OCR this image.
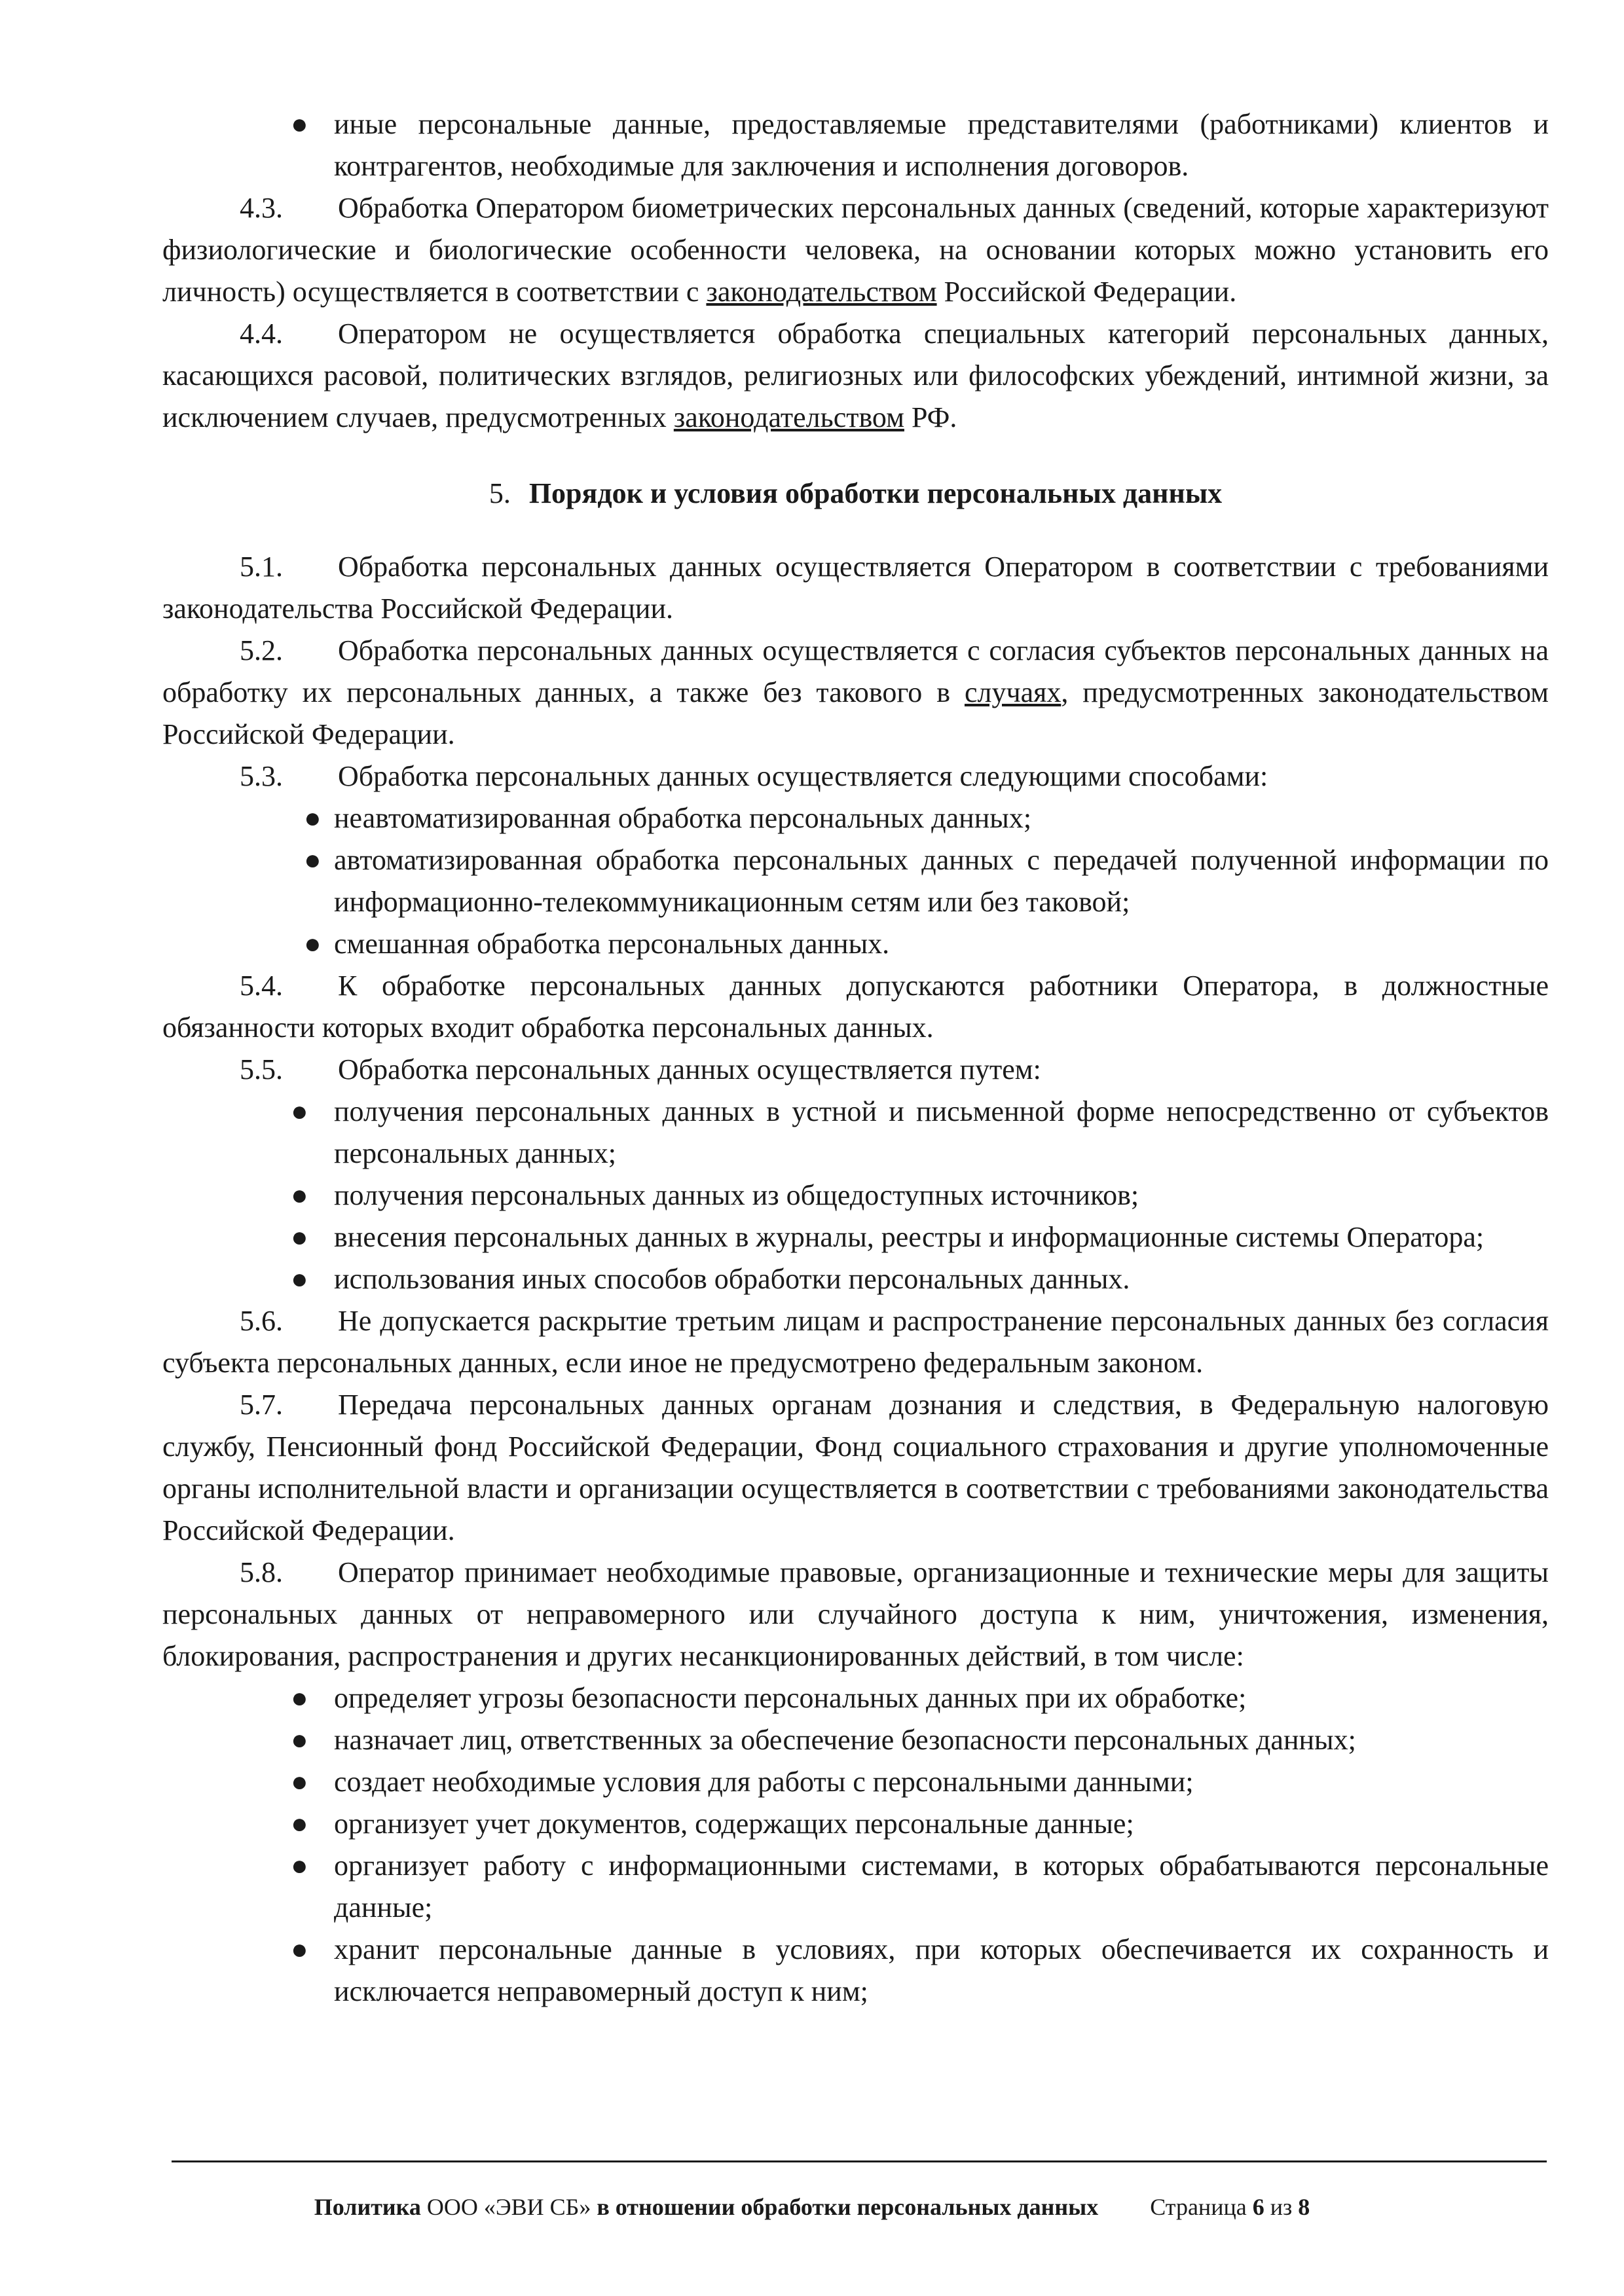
● иные персональные данные, предоставляемые представителями (работниками) клиентов и контрагентов, необходимые для заключения и исполнения договоров.

4.3. Обработка Оператором биометрических персональных данных (сведений, которые характеризуют физиологические и биологические особенности человека, на основании которых можно установить его личность) осуществляется в соответствии с законодательством Российской Федерации.

4.4. Оператором не осуществляется обработка специальных категорий персональных данных, касающихся расовой, политических взглядов, религиозных или философских убеждений, интимной жизни, за исключением случаев, предусмотренных законодательством РФ.

5. Порядок и условия обработки персональных данных

5.1. Обработка персональных данных осуществляется Оператором в соответствии с требованиями законодательства Российской Федерации.

5.2. Обработка персональных данных осуществляется с согласия субъектов персональных данных на обработку их персональных данных, а также без такового в случаях, предусмотренных законодательством Российской Федерации.

5.3. Обработка персональных данных осуществляется следующими способами:

● неавтоматизированная обработка персональных данных;
● автоматизированная обработка персональных данных с передачей полученной информации по информационно-телекоммуникационным сетям или без таковой;
● смешанная обработка персональных данных.

5.4. К обработке персональных данных допускаются работники Оператора, в должностные обязанности которых входит обработка персональных данных.

5.5. Обработка персональных данных осуществляется путем:

● получения персональных данных в устной и письменной форме непосредственно от субъектов персональных данных;
● получения персональных данных из общедоступных источников;
● внесения персональных данных в журналы, реестры и информационные системы Оператора;
● использования иных способов обработки персональных данных.

5.6. Не допускается раскрытие третьим лицам и распространение персональных данных без согласия субъекта персональных данных, если иное не предусмотрено федеральным законом.

5.7. Передача персональных данных органам дознания и следствия, в Федеральную налоговую службу, Пенсионный фонд Российской Федерации, Фонд социального страхования и другие уполномоченные органы исполнительной власти и организации осуществляется в соответствии с требованиями законодательства Российской Федерации.

5.8. Оператор принимает необходимые правовые, организационные и технические меры для защиты персональных данных от неправомерного или случайного доступа к ним, уничтожения, изменения, блокирования, распространения и других несанкционированных действий, в том числе:

● определяет угрозы безопасности персональных данных при их обработке;
● назначает лиц, ответственных за обеспечение безопасности персональных данных;
● создает необходимые условия для работы с персональными данными;
● организует учет документов, содержащих персональные данные;
● организует работу с информационными системами, в которых обрабатываются персональные данные;
● хранит персональные данные в условиях, при которых обеспечивается их сохранность и исключается неправомерный доступ к ним;
Политика ООО «ЭВИ СБ» в отношении обработки персональных данных Страница 6 из 8
